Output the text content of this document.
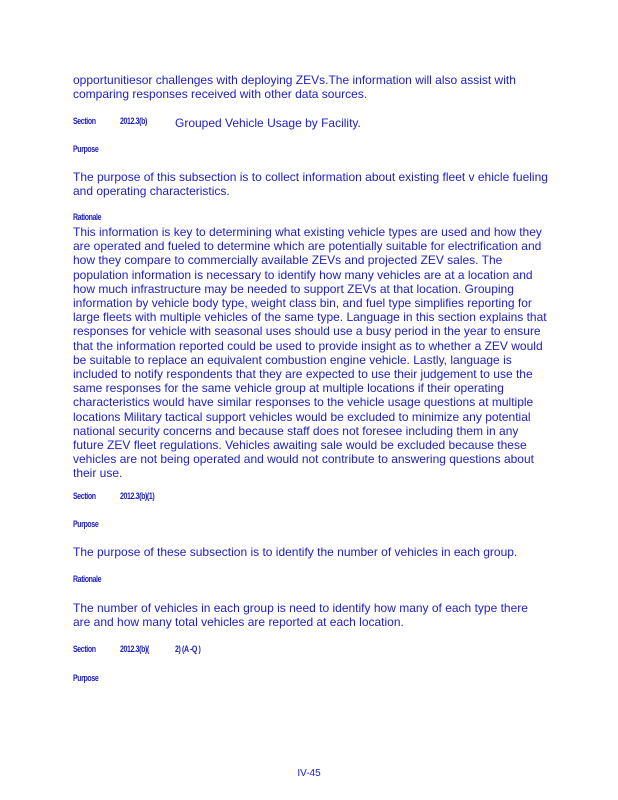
opportunitiesor challenges with deploying ZEVs.The information will also assist with comparing responses received with other data sources.

Section	2012.3(b) Grouped Vehicle Usage by Facility.
Purpose

The purpose of this subsection is to collect information about existing fleet v ehicle fueling and operating characteristics.

Rationale

This information is key to determining what existing vehicle types are used and how they are operated and fueled to determine which are potentially suitable for electrification and how they compare to commercially available ZEVs and projected ZEV sales. The population information is necessary to identify how many vehicles are at a location and how much infrastructure may be needed to support ZEVs at that location. Grouping information by vehicle body type, weight class bin, and fuel type simplifies reporting for large fleets with multiple vehicles of the same type. Language in this section explains that responses for vehicle with seasonal uses should use a busy period in the year to ensure that the information reported could be used to provide insight as to whether a ZEV would be suitable to replace an equivalent combustion engine vehicle. Lastly, language is included to notify respondents that they are expected to use their judgement to use the same responses for the same vehicle group at multiple locations if their operating characteristics would have similar responses to the vehicle usage questions at multiple locations Military tactical support vehicles would be excluded to minimize any potential national security concerns and because staff does not foresee including them in any future ZEV fleet regulations. Vehicles awaiting sale would be excluded because these vehicles are not being operated and would not contribute to answering questions about their use.

Section	2012.3(b)(1)
Purpose

The purpose of these subsection is to identify the number of vehicles in each group.

Rationale

The number of vehicles in each group is need to identify how many of each type there are and how many total vehicles are reported at each location.

Section	2012.3(b)(	2) (A -Q )
Purpose
IV-45
